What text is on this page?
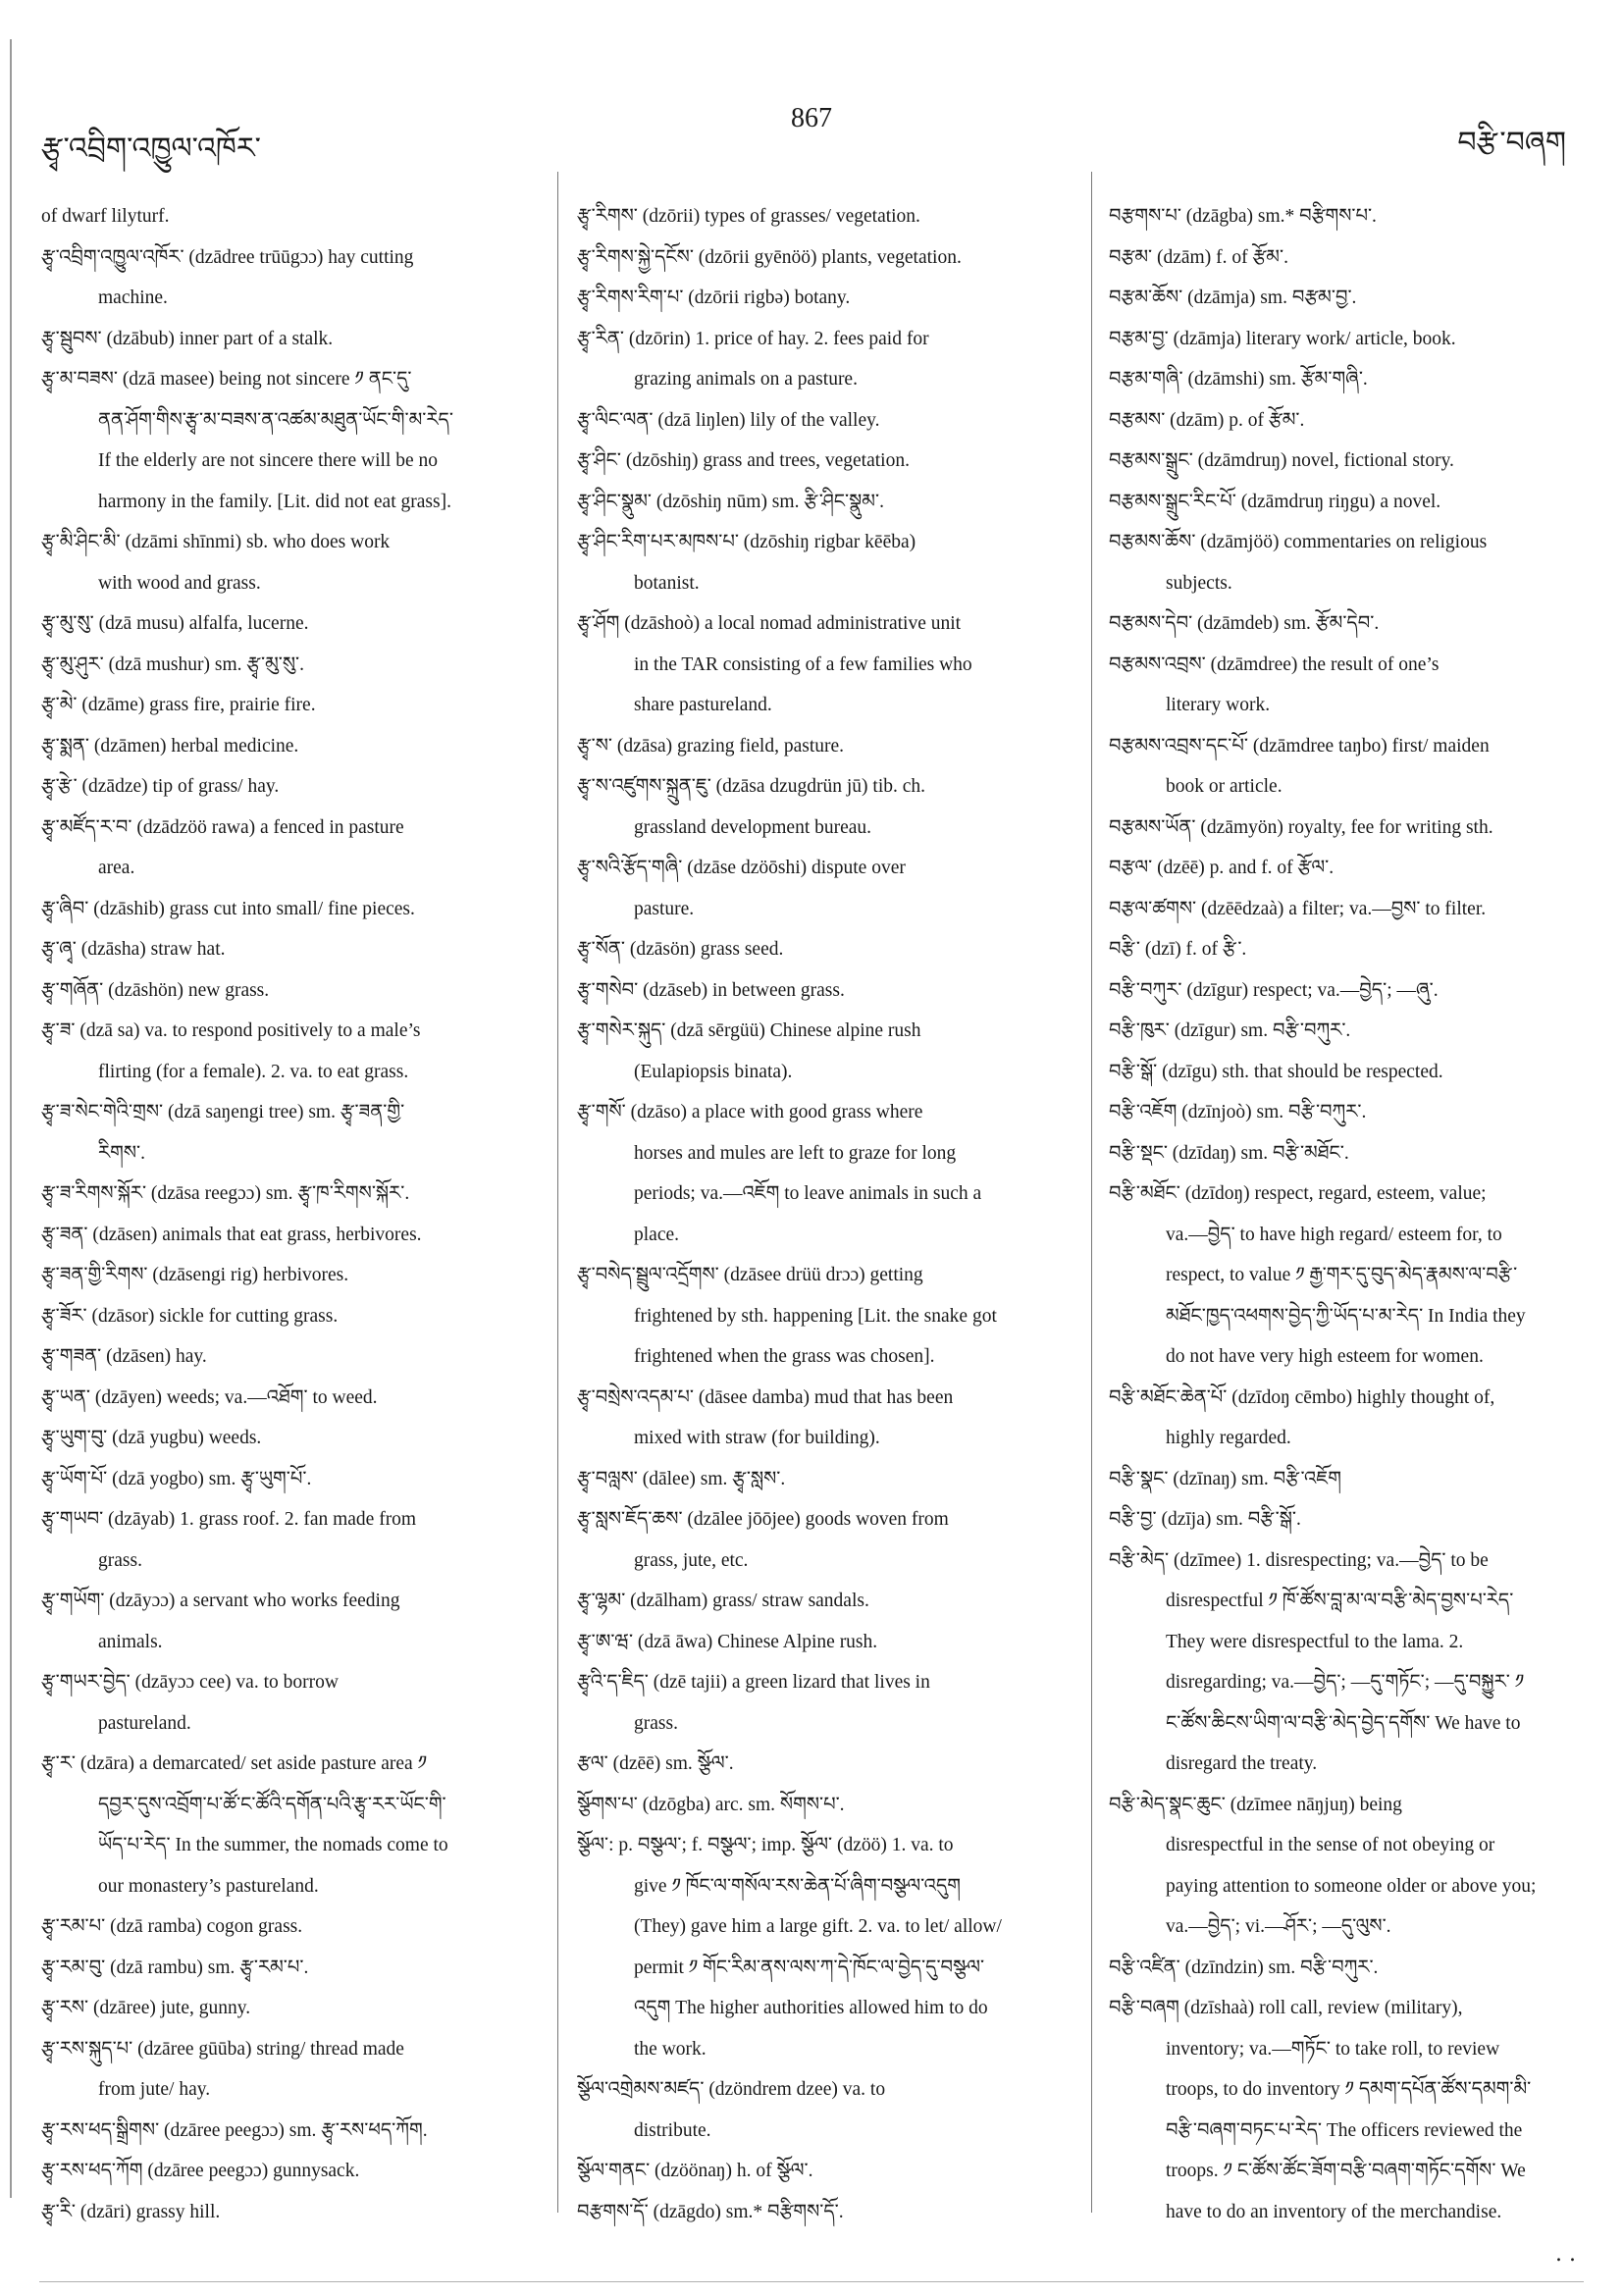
རྩྭ་འབྲིག་འཁྱུལ་འཁོར་
867
བརྩི་བཞག
of dwarf lilyturf.
རྩྭ་འབྲིག་འཁྱུལ་འཁོར་ (dzādree trūūgɔɔ) hay cutting
machine.
རྩྭ་སྦུབས་ (dzābub) inner part of a stalk.
རྩྭ་མ་བཟས་ (dzā masee) being not sincere ༡ ནང་དུ་
ནན་ཤོག་གིས་རྩྭ་མ་བཟས་ན་འཚམ་མཐུན་ཡོང་གི་མ་རེད་
If the elderly are not sincere there will be no
harmony in the family. [Lit. did not eat grass].
རྩྭ་མི་ཤིང་མི་ (dzāmi shīnmi) sb. who does work
with wood and grass.
རྩྭ་མུ་སུ་ (dzā musu) alfalfa, lucerne.
རྩྭ་མུ་ཤུར་ (dzā mushur) sm. རྩྭ་མུ་སུ་.
རྩྭ་མེ་ (dzāme) grass fire, prairie fire.
རྩྭ་སྨན་ (dzāmen) herbal medicine.
རྩྭ་རྩེ་ (dzādze) tip of grass/ hay.
རྩྭ་མཛོད་ར་བ་ (dzādzöö rawa) a fenced in pasture
area.
རྩྭ་ཞིབ་ (dzāshib) grass cut into small/ fine pieces.
རྩྭ་ཞྭ་ (dzāsha) straw hat.
རྩྭ་གཞོན་ (dzāshön) new grass.
རྩྭ་ཟ་ (dzā sa) va. to respond positively to a male’s
flirting (for a female). 2. va. to eat grass.
རྩྭ་ཟ་སེང་གེའི་གྲས་ (dzā saŋengi tree) sm. རྩྭ་ཟན་གྱི་
རིགས་.
རྩྭ་ཟ་རིགས་སྐོར་ (dzāsa reegɔɔ) sm. རྩྭ་ཁ་རིགས་སྐོར་.
རྩྭ་ཟན་ (dzāsen) animals that eat grass, herbivores.
རྩྭ་ཟན་གྱི་རིགས་ (dzāsengi rig) herbivores.
རྩྭ་ཟོར་ (dzāsor) sickle for cutting grass.
རྩྭ་གཟན་ (dzāsen) hay.
རྩྭ་ཡན་ (dzāyen) weeds; va.—འཐོག་ to weed.
རྩྭ་ཡུག་བུ་ (dzā yugbu) weeds.
རྩྭ་ཡོག་པོ་ (dzā yogbo) sm. རྩྭ་ཡུག་པོ་.
རྩྭ་གཡབ་ (dzāyab) 1. grass roof. 2. fan made from
grass.
རྩྭ་གཡོག་ (dzāyɔɔ) a servant who works feeding
animals.
རྩྭ་གཡར་བྱེད་ (dzāyɔɔ cee) va. to borrow
pastureland.
རྩྭ་ར་ (dzāra) a demarcated/ set aside pasture area ༡
དབྱར་དུས་འབྲོག་པ་ཚོ་ང་ཚོའི་དགོན་པའི་རྩྭ་རར་ཡོང་གི་
ཡོད་པ་རེད་ In the summer, the nomads come to
our monastery’s pastureland.
རྩྭ་རམ་པ་ (dzā ramba) cogon grass.
རྩྭ་རམ་བུ་ (dzā rambu) sm. རྩྭ་རམ་པ་.
རྩྭ་རས་ (dzāree) jute, gunny.
རྩྭ་རས་སྐུད་པ་ (dzāree gūūba) string/ thread made
from jute/ hay.
རྩྭ་རས་ཕད་སྒྲིགས་ (dzāree peegɔɔ) sm. རྩྭ་རས་ཕད་ཀོག.
རྩྭ་རས་ཕད་ཀོག (dzāree peegɔɔ) gunnysack.
རྩྭ་རི་ (dzāri) grassy hill.
རྩྭ་རིགས་ (dzōrii) types of grasses/ vegetation.
རྩྭ་རིགས་སྐྱེ་དངོས་ (dzōrii gyēnöö) plants, vegetation.
རྩྭ་རིགས་རིག་པ་ (dzōrii rigbə) botany.
རྩྭ་རིན་ (dzōrin) 1. price of hay. 2. fees paid for
grazing animals on a pasture.
རྩྭ་ལིང་ལན་ (dzā liŋlen) lily of the valley.
རྩྭ་ཤིང་ (dzōshiŋ) grass and trees, vegetation.
རྩྭ་ཤིང་སྣུམ་ (dzōshiŋ nūm) sm. རྩི་ཤིང་སྣུམ་.
རྩྭ་ཤིང་རིག་པར་མཁས་པ་ (dzōshiŋ rigbar kēēba)
botanist.
རྩྭ་ཤོག (dzāshoò) a local nomad administrative unit
in the TAR consisting of a few families who
share pastureland.
རྩྭ་ས་ (dzāsa) grazing field, pasture.
རྩྭ་ས་འཛུགས་སྐྲུན་ཇུ་ (dzāsa dzugdrün jū) tib. ch.
grassland development bureau.
རྩྭ་སའི་རྩོད་གཞི་ (dzāse dzöōshi) dispute over
pasture.
རྩྭ་སོན་ (dzāsön) grass seed.
རྩྭ་གསེབ་ (dzāseb) in between grass.
རྩྭ་གསེར་སྐུད་ (dzā sērgüü) Chinese alpine rush
(Eulapiopsis binata).
རྩྭ་གསོ་ (dzāso) a place with good grass where
horses and mules are left to graze for long
periods; va.—འཇོག to leave animals in such a
place.
རྩྭ་བསེད་སྦྲུལ་འདྲོགས་ (dzāsee drüü drɔɔ) getting
frightened by sth. happening [Lit. the snake got
frightened when the grass was chosen].
རྩྭ་བསྲེས་འདམ་པ་ (dāsee damba) mud that has been
mixed with straw (for building).
རྩྭ་བལླས་ (dālee) sm. རྩྭ་སླས་.
རྩྭ་སླས་ཇོད་ཆས་ (dzālee jōōjee) goods woven from
grass, jute, etc.
རྩྭ་ལྷམ་ (dzālham) grass/ straw sandals.
རྩྭ་ཨ་ཝ་ (dzā āwa) Chinese Alpine rush.
རྩྭའི་ད་ཇིད་ (dzē tajii) a green lizard that lives in
grass.
རྩལ་ (dzēē) sm. སྩོལ་.
སྩོགས་པ་ (dzōgba) arc. sm. སོགས་པ་.
སྩོལ་: p. བསྩལ་; f. བསྩལ་; imp. སྩོལ་ (dzöö) 1. va. to
give ༡ ཁོང་ལ་གསོལ་རས་ཆེན་པོ་ཞིག་བསྩལ་འདུག
(They) gave him a large gift. 2. va. to let/ allow/
permit ༡ གོང་རིམ་ནས་ལས་ཀ་དེ་ཁོང་ལ་བྱེད་དུ་བསྩལ་
འདུག The higher authorities allowed him to do
the work.
སྩོལ་འགྲེམས་མཛད་ (dzöndrem dzee) va. to
distribute.
སྩོལ་གནང་ (dzöönaŋ) h. of སྩོལ་.
བརྩགས་དོ་ (dzāgdo) sm.* བརྩིགས་དོ་.
བརྩགས་པ་ (dzāgba) sm.* བརྩིགས་པ་.
བརྩམ་ (dzām) f. of རྩོམ་.
བརྩམ་ཆོས་ (dzāmja) sm. བརྩམ་བྱ་.
བརྩམ་བྱ་ (dzāmja) literary work/ article, book.
བརྩམ་གཞི་ (dzāmshi) sm. རྩོམ་གཞི་.
བརྩམས་ (dzām) p. of རྩོམ་.
བརྩམས་སྒྲུང་ (dzāmdruŋ) novel, fictional story.
བརྩམས་སྒྲུང་རིང་པོ་ (dzāmdruŋ riŋgu) a novel.
བརྩམས་ཆོས་ (dzāmjöö) commentaries on religious
subjects.
བརྩམས་དེབ་ (dzāmdeb) sm. རྩོམ་དེབ་.
བརྩམས་འབྲས་ (dzāmdree) the result of one’s
literary work.
བརྩམས་འབྲས་དང་པོ་ (dzāmdree taŋbo) first/ maiden
book or article.
བརྩམས་ཡོན་ (dzāmyön) royalty, fee for writing sth.
བརྩལ་ (dzēē) p. and f. of རྩོལ་.
བརྩལ་ཚགས་ (dzēēdzaà) a filter; va.—བྱས་ to filter.
བརྩི་ (dzī) f. of རྩི་.
བརྩི་བཀུར་ (dzīgur) respect; va.—བྱེད་; —ཞུ་.
བརྩི་ཁུར་ (dzīgur) sm. བརྩི་བཀུར་.
བརྩི་སྒོ་ (dzīgu) sth. that should be respected.
བརྩི་འཇོག (dzīnjoò) sm. བརྩི་བཀུར་.
བརྩི་སྡང་ (dzīdaŋ) sm. བརྩི་མཐོང་.
བརྩི་མཐོང་ (dzīdoŋ) respect, regard, esteem, value;
va.—བྱེད་ to have high regard/ esteem for, to
respect, to value ༡ རྒྱ་གར་དུ་བུད་མེད་རྣམས་ལ་བརྩི་
མཐོང་ཁྱད་འཕགས་བྱེད་ཀྱི་ཡོད་པ་མ་རེད་ In India they
do not have very high esteem for women.
བརྩི་མཐོང་ཆེན་པོ་ (dzīdoŋ cēmbo) highly thought of,
highly regarded.
བརྩི་སྣང་ (dzīnaŋ) sm. བརྩི་འཇོག
བརྩི་བྱ་ (dzīja) sm. བརྩི་སྒོ་.
བརྩི་མེད་ (dzīmee) 1. disrespecting; va.—བྱེད་ to be
disrespectful ༡ ཁོ་ཚོས་བླ་མ་ལ་བརྩི་མེད་བྱས་པ་རེད་
They were disrespectful to the lama. 2.
disregarding; va.—བྱེད་; —དུ་གཏོང་; —དུ་བསྐྱུར་ ༡
ང་ཚོས་ཆིངས་ཡིག་ལ་བརྩི་མེད་བྱེད་དགོས་ We have to
disregard the treaty.
བརྩི་མེད་སྣང་ཆུང་ (dzīmee nāŋjuŋ) being
disrespectful in the sense of not obeying or
paying attention to someone older or above you;
va.—བྱེད་; vi.—ཤོར་; —དུ་ལུས་.
བརྩི་འཛིན་ (dzīndzin) sm. བརྩི་བཀུར་.
བརྩི་བཞག (dzīshaà) roll call, review (military),
inventory; va.—གཏོང་ to take roll, to review
troops, to do inventory ༡ དམག་དཔོན་ཚོས་དམག་མི་
བརྩི་བཞག་བཏང་པ་རེད་ The officers reviewed the
troops. ༡ ང་ཚོས་ཚོང་ཟོག་བརྩི་བཞག་གཏོང་དགོས་ We
have to do an inventory of the merchandise.
. .
